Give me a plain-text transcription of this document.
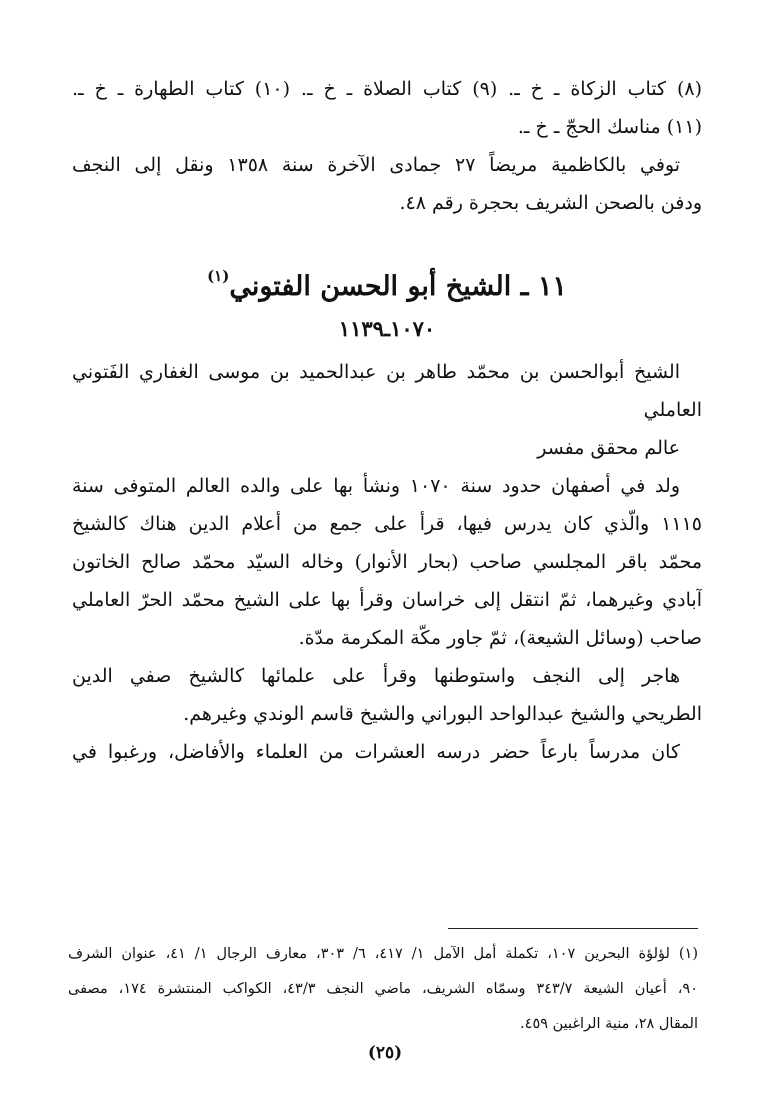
(٨) كتاب الزكاة ـ خ ـ. (٩) كتاب الصلاة ـ خ ـ. (١٠) كتاب الطهارة ـ خ ـ.
(١١) مناسك الحجّ ـ خ ـ.
توفي بالكاظمية مريضاً ٢٧ جمادى الآخرة سنة ١٣٥٨ ونقل إلى النجف
ودفن بالصحن الشريف بحجرة رقم ٤٨.
١١ ـ الشيخ أبو الحسن الفتوني$^{(١)}$
١٠٧٠ـ١١٣٩
الشيخ أبوالحسن بن محمّد طاهر بن عبدالحميد بن موسى الغفاري الفَتوني
العاملي
عالم محقق مفسر
ولد في أصفهان حدود سنة ١٠٧٠ ونشأ بها على والده العالم المتوفى سنة
١١١٥ والّذي كان يدرس فيها، قرأ على جمع من أعلام الدين هناك كالشيخ
محمّد باقر المجلسي صاحب (بحار الأنوار) وخاله السيّد محمّد صالح الخاتون
آبادي وغيرهما، ثمّ انتقل إلى خراسان وقرأ بها على الشيخ محمّد الحرّ العاملي
صاحب (وسائل الشيعة)، ثمّ جاور مكّة المكرمة مدّة.
هاجر إلى النجف واستوطنها وقرأ على علمائها كالشيخ صفي الدين
الطريحي والشيخ عبدالواحد البوراني والشيخ قاسم الوندي وغيرهم.
كان مدرساً بارعاً حضر درسه العشرات من العلماء والأفاضل، ورغبوا في
(١) لؤلؤة البحرين ١٠٧، تكملة أمل الآمل ١/ ٤١٧، ٦/ ٣٠٣، معارف الرجال ١/ ٤١، عنوان الشرف
٩٠، أعيان الشيعة ٣٤٣/٧ وسمّاه الشريف، ماضي النجف ٤٣/٣، الكواكب المنتشرة ١٧٤، مصفى
المقال ٢٨، منية الراغبين ٤٥٩.
(٢٥)
